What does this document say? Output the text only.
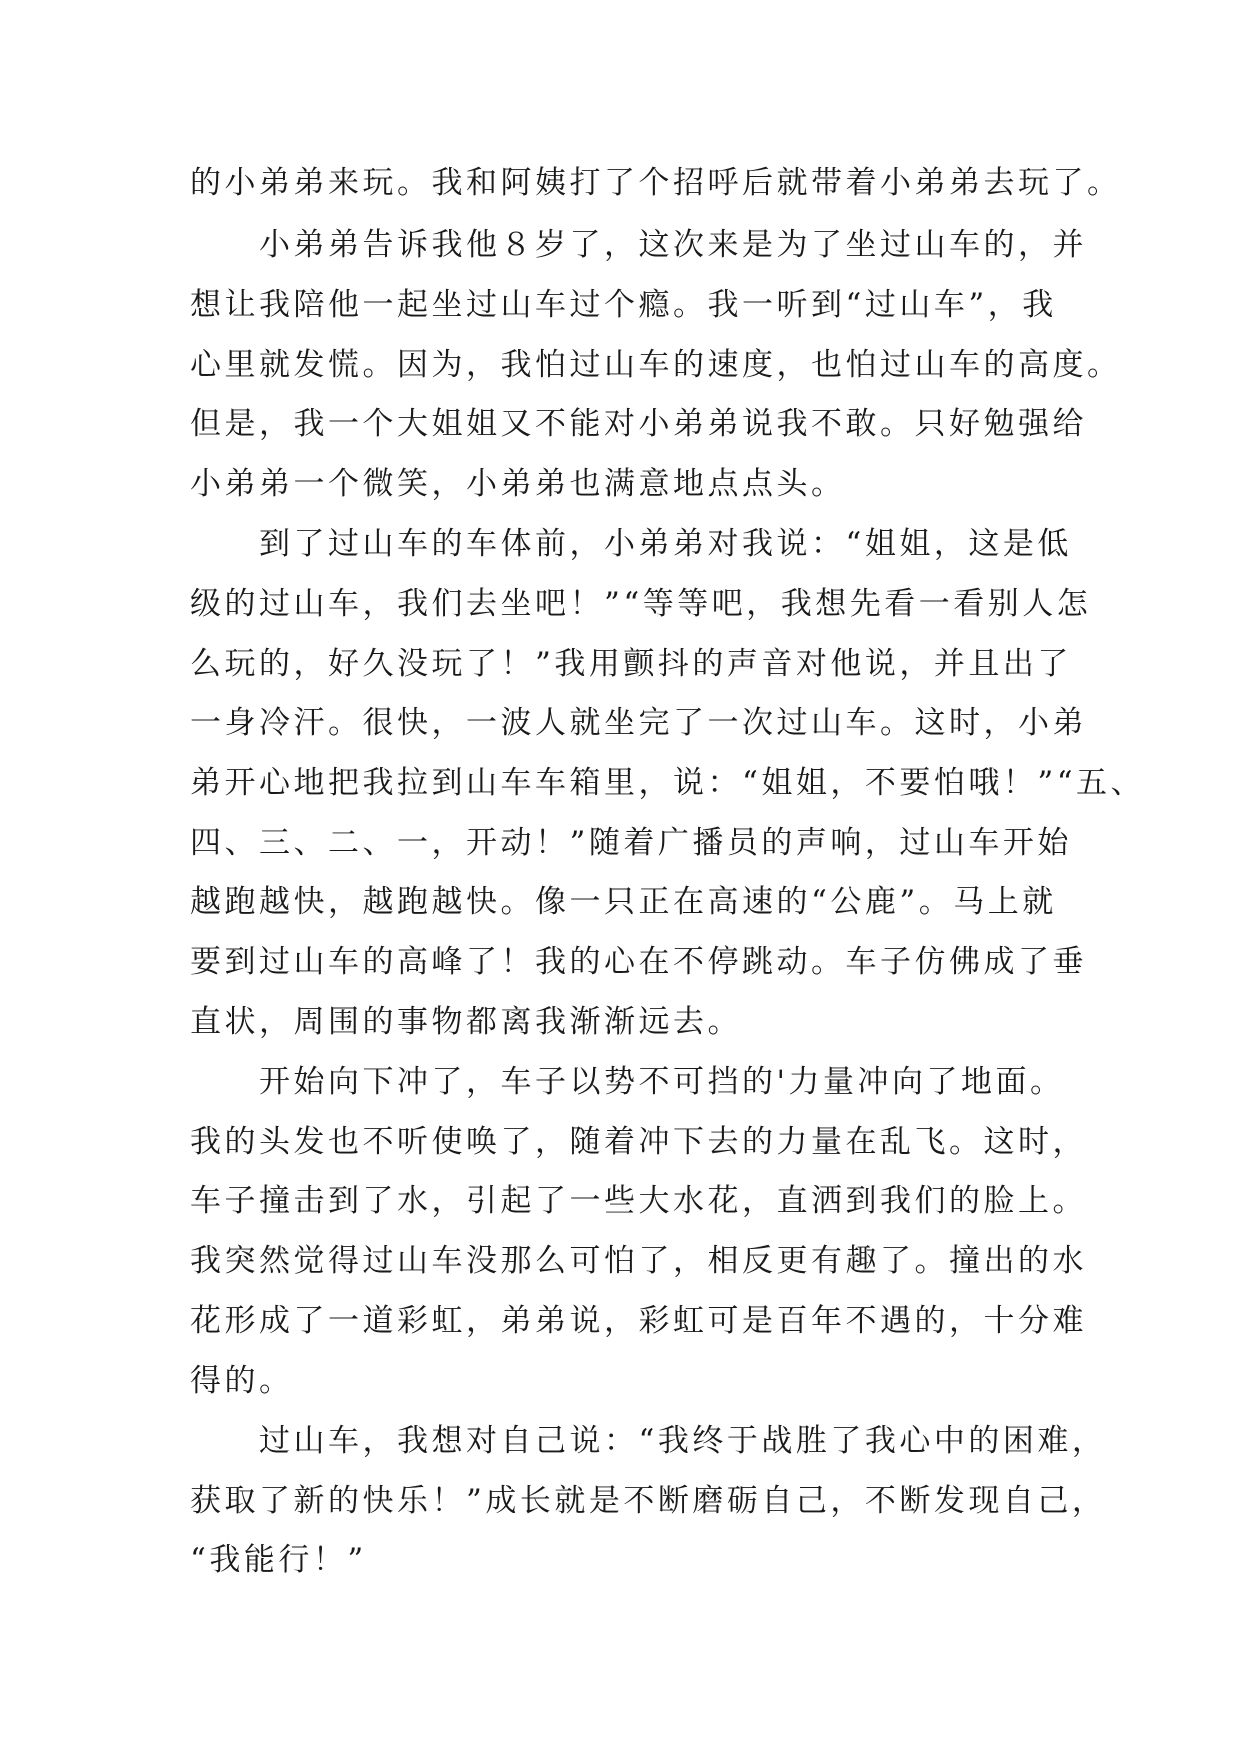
的小弟弟来玩。我和阿姨打了个招呼后就带着小弟弟去玩了。
　　小弟弟告诉我他８岁了，这次来是为了坐过山车的，并
想让我陪他一起坐过山车过个瘾。我一听到“过山车”，我
心里就发慌。因为，我怕过山车的速度，也怕过山车的高度。
但是，我一个大姐姐又不能对小弟弟说我不敢。只好勉强给
小弟弟一个微笑，小弟弟也满意地点点头。
　　到了过山车的车体前，小弟弟对我说：“姐姐，这是低
级的过山车，我们去坐吧！”“等等吧，我想先看一看别人怎
么玩的，好久没玩了！”我用颤抖的声音对他说，并且出了
一身冷汗。很快，一波人就坐完了一次过山车。这时，小弟
弟开心地把我拉到山车车箱里，说：“姐姐，不要怕哦！”“五、
四、三、二、一，开动！”随着广播员的声响，过山车开始
越跑越快，越跑越快。像一只正在高速的“公鹿”。马上就
要到过山车的高峰了！我的心在不停跳动。车子仿佛成了垂
直状，周围的事物都离我渐渐远去。
　　开始向下冲了，车子以势不可挡的'力量冲向了地面。
我的头发也不听使唤了，随着冲下去的力量在乱飞。这时，
车子撞击到了水，引起了一些大水花，直洒到我们的脸上。
我突然觉得过山车没那么可怕了，相反更有趣了。撞出的水
花形成了一道彩虹，弟弟说，彩虹可是百年不遇的，十分难
得的。
　　过山车，我想对自己说：“我终于战胜了我心中的困难，
获取了新的快乐！”成长就是不断磨砺自己，不断发现自己，
“我能行！”
